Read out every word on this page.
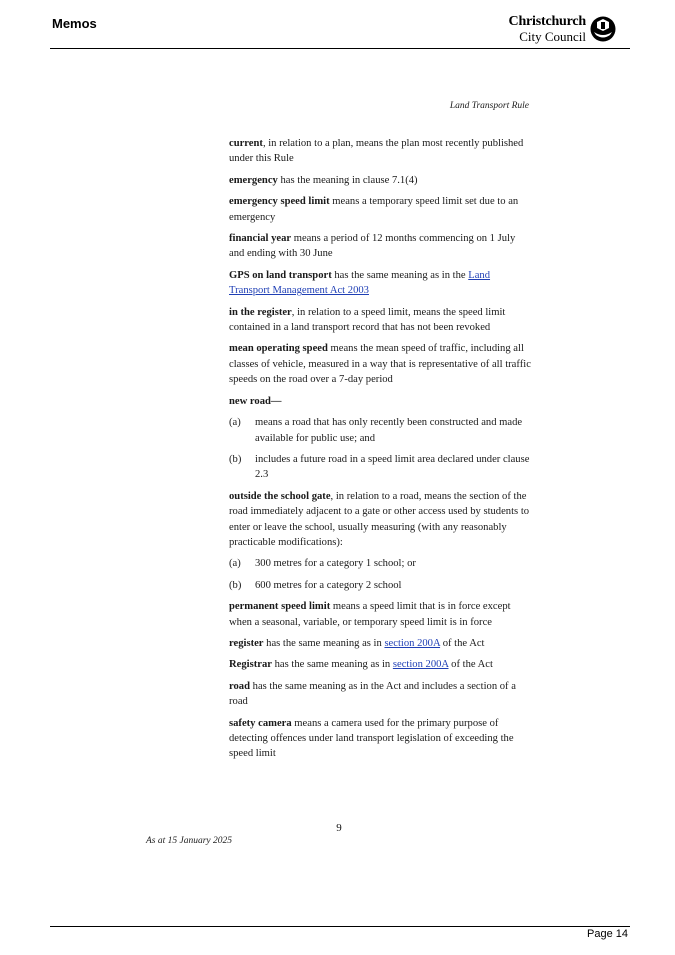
Memos	Christchurch
City Council
Land Transport Rule

current, in relation to a plan, means the plan most recently published under this Rule

emergency has the meaning in clause 7.1(4)

emergency speed limit means a temporary speed limit set due to an emergency

financial year means a period of 12 months commencing on 1 July and ending with 30 June

GPS on land transport has the same meaning as in the Land Transport Management Act 2003

in the register, in relation to a speed limit, means the speed limit contained in a land transport record that has not been revoked

mean operating speed means the mean speed of traffic, including all classes of vehicle, measured in a way that is representative of all traffic speeds on the road over a 7-day period

new road—

(a)	means a road that has only recently been constructed and made available for public use; and
(b)	includes a future road in a speed limit area declared under clause 2.3

outside the school gate, in relation to a road, means the section of the road immediately adjacent to a gate or other access used by students to enter or leave the school, usually measuring (with any reasonably practicable modifications):

(a)	300 metres for a category 1 school; or
(b)	600 metres for a category 2 school

permanent speed limit means a speed limit that is in force except when a seasonal, variable, or temporary speed limit is in force

register has the same meaning as in section 200A of the Act

Registrar has the same meaning as in section 200A of the Act

road has the same meaning as in the Act and includes a section of a road

safety camera means a camera used for the primary purpose of detecting offences under land transport legislation of exceeding the speed limit

9
As at 15 January 2025
Page 14
